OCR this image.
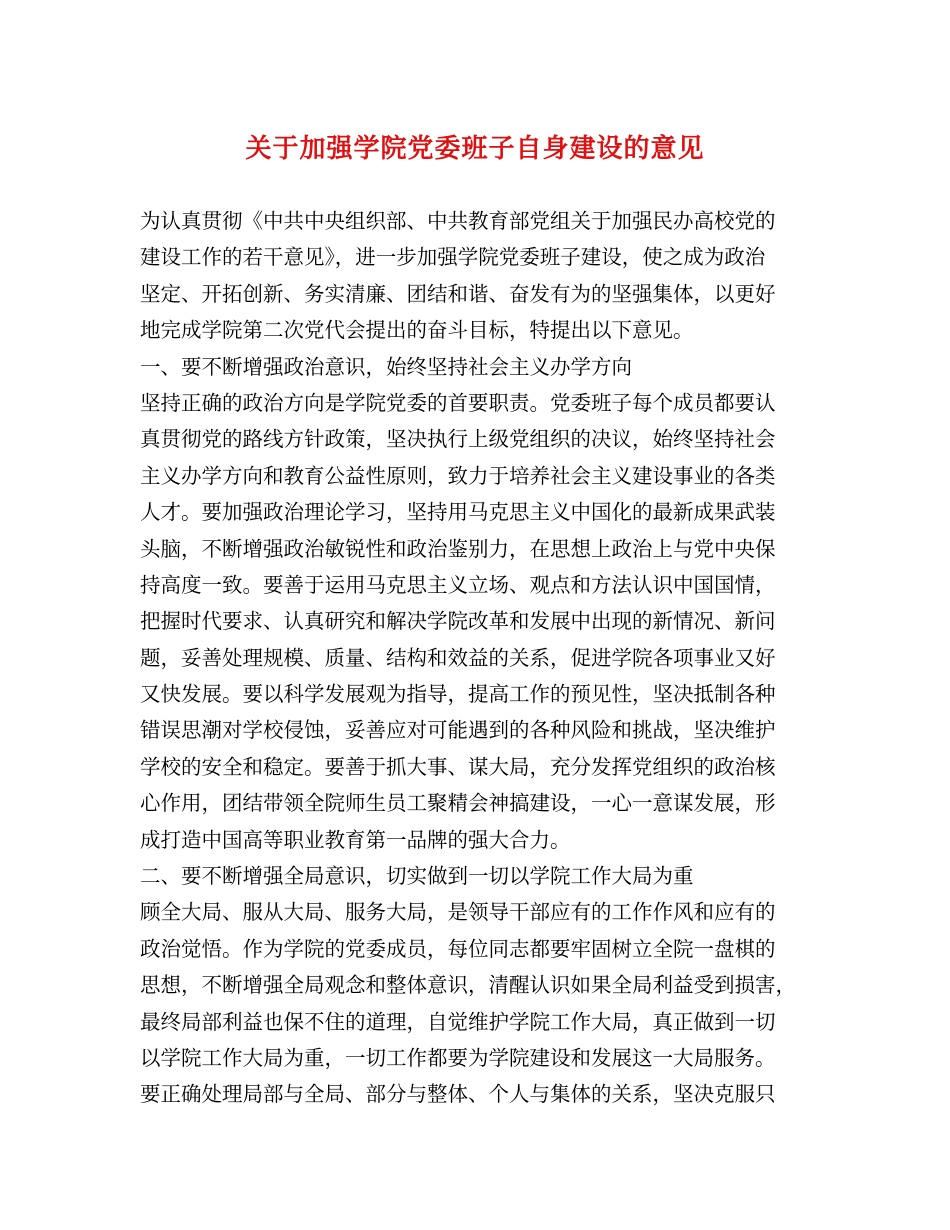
关于加强学院党委班子自身建设的意见
为认真贯彻《中共中央组织部、中共教育部党组关于加强民办高校党的
建设工作的若干意见》，进一步加强学院党委班子建设，使之成为政治
坚定、开拓创新、务实清廉、团结和谐、奋发有为的坚强集体，以更好
地完成学院第二次党代会提出的奋斗目标，特提出以下意见。
一、要不断增强政治意识，始终坚持社会主义办学方向
坚持正确的政治方向是学院党委的首要职责。党委班子每个成员都要认
真贯彻党的路线方针政策，坚决执行上级党组织的决议，始终坚持社会
主义办学方向和教育公益性原则，致力于培养社会主义建设事业的各类
人才。要加强政治理论学习，坚持用马克思主义中国化的最新成果武装
头脑，不断增强政治敏锐性和政治鉴别力，在思想上政治上与党中央保
持高度一致。要善于运用马克思主义立场、观点和方法认识中国国情，
把握时代要求、认真研究和解决学院改革和发展中出现的新情况、新问
题，妥善处理规模、质量、结构和效益的关系，促进学院各项事业又好
又快发展。要以科学发展观为指导，提高工作的预见性，坚决抵制各种
错误思潮对学校侵蚀，妥善应对可能遇到的各种风险和挑战，坚决维护
学校的安全和稳定。要善于抓大事、谋大局，充分发挥党组织的政治核
心作用，团结带领全院师生员工聚精会神搞建设，一心一意谋发展，形
成打造中国高等职业教育第一品牌的强大合力。
二、要不断增强全局意识，切实做到一切以学院工作大局为重
顾全大局、服从大局、服务大局，是领导干部应有的工作作风和应有的
政治觉悟。作为学院的党委成员，每位同志都要牢固树立全院一盘棋的
思想，不断增强全局观念和整体意识，清醒认识如果全局利益受到损害，
最终局部利益也保不住的道理，自觉维护学院工作大局，真正做到一切
以学院工作大局为重，一切工作都要为学院建设和发展这一大局服务。
要正确处理局部与全局、部分与整体、个人与集体的关系，坚决克服只
